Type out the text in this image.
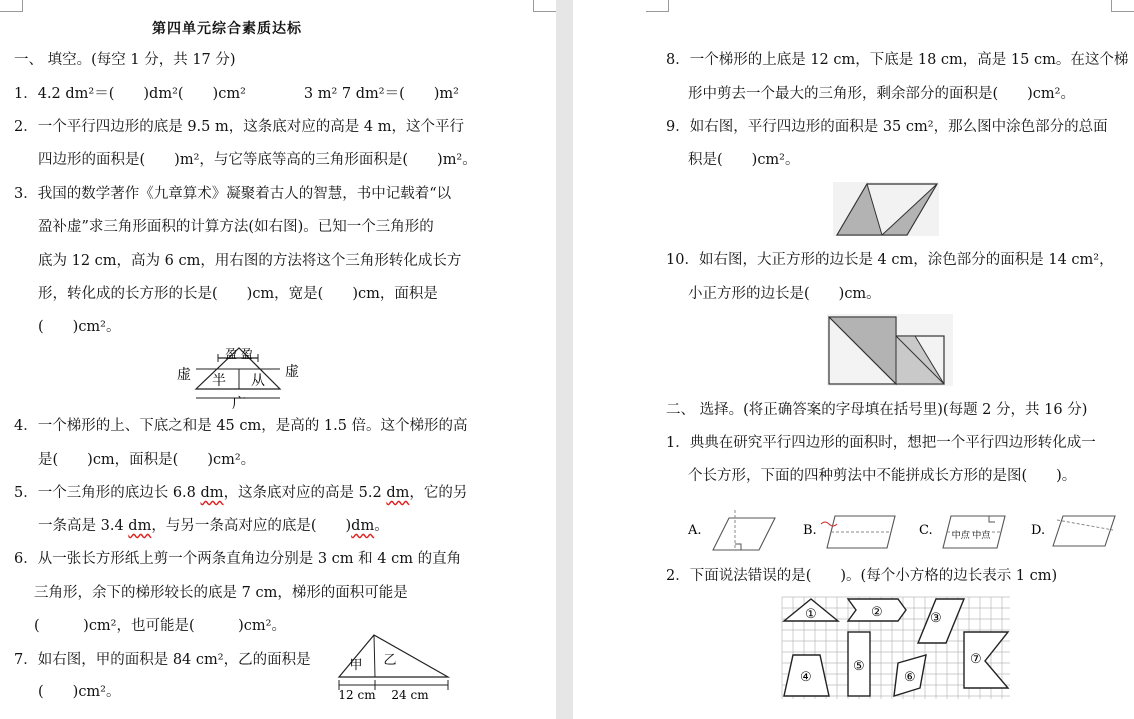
第四单元综合素质达标
一、 填空。(每空 1 分，共 17 分)
1．4.2 dm²＝(　　)dm²(　　)cm²　　　　3 m² 7 dm²＝(　　)m²
2．一个平行四边形的底是 9.5 m，这条底对应的高是 4 m，这个平行
四边形的面积是(　　)m²，与它等底等高的三角形面积是(　　)m²。
3．我国的数学著作《九章算术》凝聚着古人的智慧，书中记载着“以
盈补虚”求三角形面积的计算方法(如右图)。已知一个三角形的
底为 12 cm，高为 6 cm，用右图的方法将这个三角形转化成长方
形，转化成的长方形的长是(　　)cm，宽是(　　)cm，面积是
(　　)cm²。
盈 盈
虚	虚
半 从
广
4．一个梯形的上、下底之和是 45 cm，是高的 1.5 倍。这个梯形的高
是(　　)cm，面积是(　　)cm²。
5．一个三角形的底边长 6.8 dm，这条底对应的高是 5.2 dm，它的另
一条高是 3.4 dm，与另一条高对应的底是(　　)dm。
6．从一张长方形纸上剪一个两条直角边分别是 3 cm 和 4 cm 的直角
三角形，余下的梯形较长的底是 7 cm，梯形的面积可能是
(　　　)cm²，也可能是(　　　)cm²。
7．如右图，甲的面积是 84 cm²，乙的面积是
(　　)cm²。
甲 乙
12 cm 24 cm
8．一个梯形的上底是 12 cm，下底是 18 cm，高是 15 cm。在这个梯
形中剪去一个最大的三角形，剩余部分的面积是(　　)cm²。
9．如右图，平行四边形的面积是 35 cm²，那么图中涂色部分的总面
积是(　　)cm²。
10．如右图，大正方形的边长是 4 cm，涂色部分的面积是 14 cm²，
小正方形的边长是(　　)cm。
二、 选择。(将正确答案的字母填在括号里)(每题 2 分，共 16 分)
1．典典在研究平行四边形的面积时，想把一个平行四边形转化成一
个长方形，下面的四种剪法中不能拼成长方形的是图(　　)。
A.	B.	C. 中点 中点	D.
2．下面说法错误的是(　　)。(每个小方格的边长表示 1 cm)
①	②	③
④
⑤
⑥
⑦
